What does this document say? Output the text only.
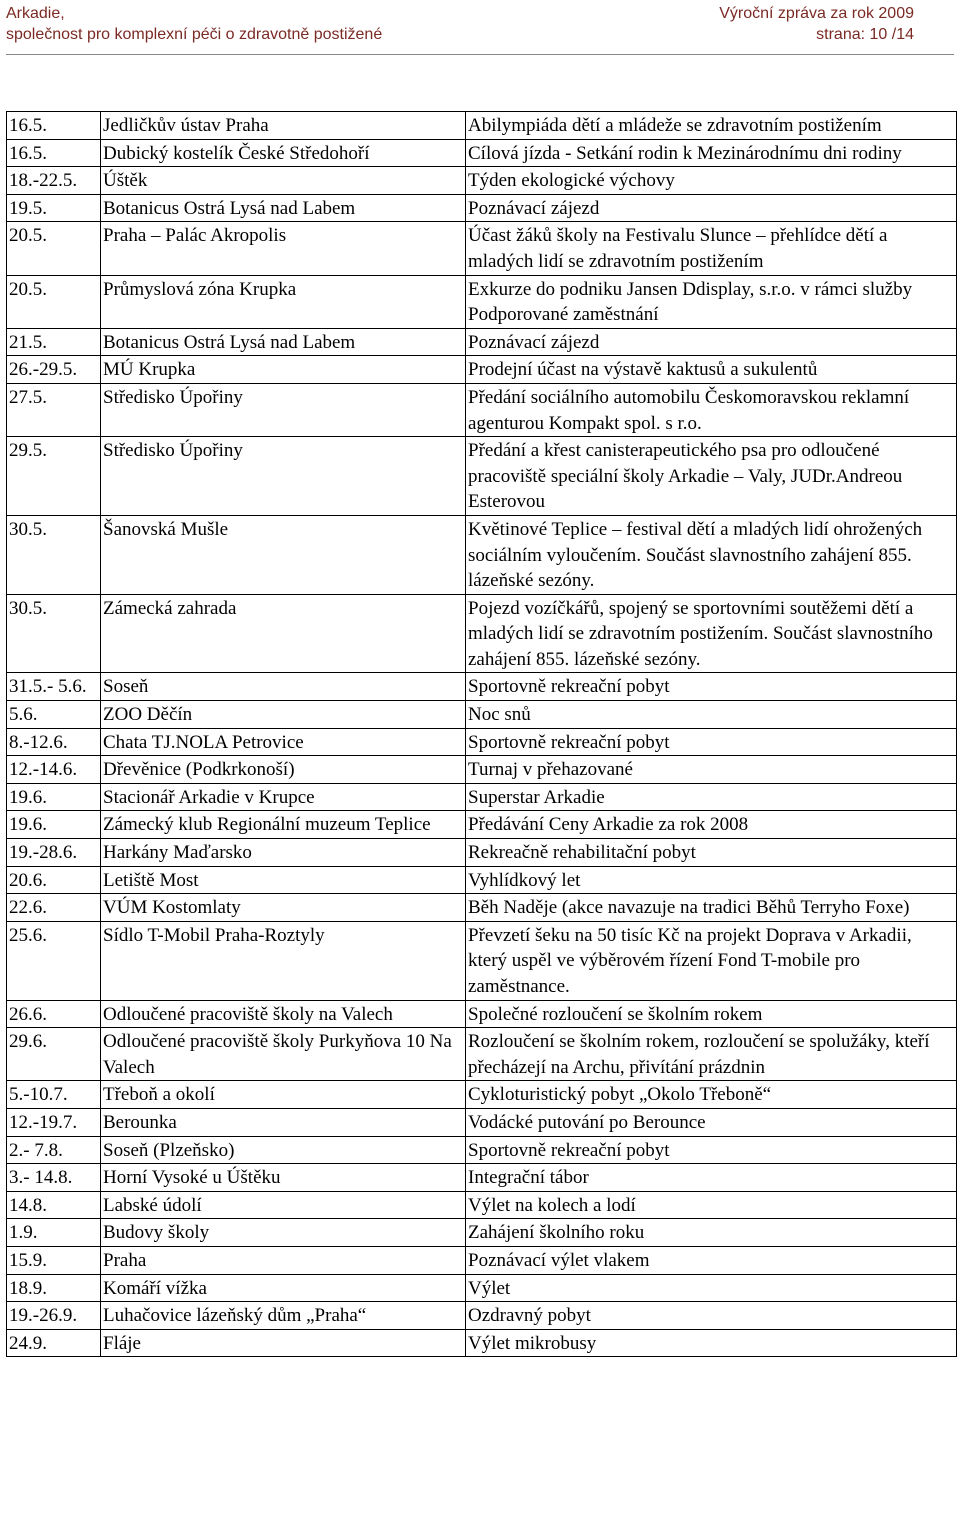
Arkadie,
společnost pro komplexní péči o zdravotně postižené
Výroční zpráva za rok 2009
strana: 10 /14
16.5.	Jedličkův ústav Praha	Abilympiáda dětí a mládeže se zdravotním postižením
16.5.	Dubický kostelík České Středohoří	Cílová jízda - Setkání rodin k Mezinárodnímu dni rodiny
18.-22.5.	Úštěk	Týden ekologické výchovy
19.5.	Botanicus Ostrá Lysá nad Labem	Poznávací zájezd
20.5.	Praha – Palác Akropolis	Účast žáků školy na Festivalu Slunce – přehlídce dětí a mladých lidí se zdravotním postižením
20.5.	Průmyslová zóna Krupka	Exkurze do podniku Jansen Ddisplay, s.r.o. v rámci služby Podporované zaměstnání
21.5.	Botanicus Ostrá Lysá nad Labem	Poznávací zájezd
26.-29.5.	MÚ Krupka	Prodejní účast na výstavě kaktusů a sukulentů
27.5.	Středisko Úpořiny	Předání sociálního automobilu Českomoravskou reklamní agenturou Kompakt spol. s r.o.
29.5.	Středisko Úpořiny	Předání a křest canisterapeutického psa pro odloučené pracoviště speciální školy Arkadie – Valy, JUDr.Andreou Esterovou
30.5.	Šanovská Mušle	Květinové Teplice – festival dětí a mladých lidí ohrožených sociálním vyloučením. Součást slavnostního zahájení 855. lázeňské sezóny.
30.5.	Zámecká zahrada	Pojezd vozíčkářů, spojený se sportovními soutěžemi dětí a mladých lidí se zdravotním postižením. Součást slavnostního zahájení 855. lázeňské sezóny.
31.5.- 5.6.	Soseň	Sportovně rekreační pobyt
5.6.	ZOO Děčín	Noc snů
8.-12.6.	Chata TJ.NOLA Petrovice	Sportovně rekreační pobyt
12.-14.6.	Dřevěnice (Podkrkonoší)	Turnaj v přehazované
19.6.	Stacionář Arkadie v Krupce	Superstar Arkadie
19.6.	Zámecký klub Regionální muzeum Teplice	Předávání Ceny Arkadie za rok 2008
19.-28.6.	Harkány Maďarsko	Rekreačně rehabilitační pobyt
20.6.	Letiště Most	Vyhlídkový let
22.6.	VÚM Kostomlaty	Běh Naděje (akce navazuje na tradici Běhů Terryho Foxe)
25.6.	Sídlo T-Mobil Praha-Roztyly	Převzetí šeku na 50 tisíc Kč na projekt Doprava v Arkadii, který uspěl ve výběrovém řízení Fond T-mobile pro zaměstnance.
26.6.	Odloučené pracoviště školy na Valech	Společné rozloučení se školním rokem
29.6.	Odloučené pracoviště školy Purkyňova 10 Na Valech	Rozloučení se školním rokem, rozloučení se spolužáky, kteří přecházejí na Archu, přivítání prázdnin
5.-10.7.	Třeboň a okolí	Cykloturistický pobyt „Okolo Třeboně“
12.-19.7.	Berounka	Vodácké putování po Berounce
2.- 7.8.	Soseň (Plzeňsko)	Sportovně rekreační pobyt
3.- 14.8.	Horní Vysoké u Úštěku	Integrační tábor
14.8.	Labské údolí	Výlet na kolech a lodí
1.9.	Budovy školy	Zahájení školního roku
15.9.	Praha	Poznávací výlet vlakem
18.9.	Komáří vížka	Výlet
19.-26.9.	Luhačovice lázeňský dům „Praha“	Ozdravný pobyt
24.9.	Fláje	Výlet mikrobusy
